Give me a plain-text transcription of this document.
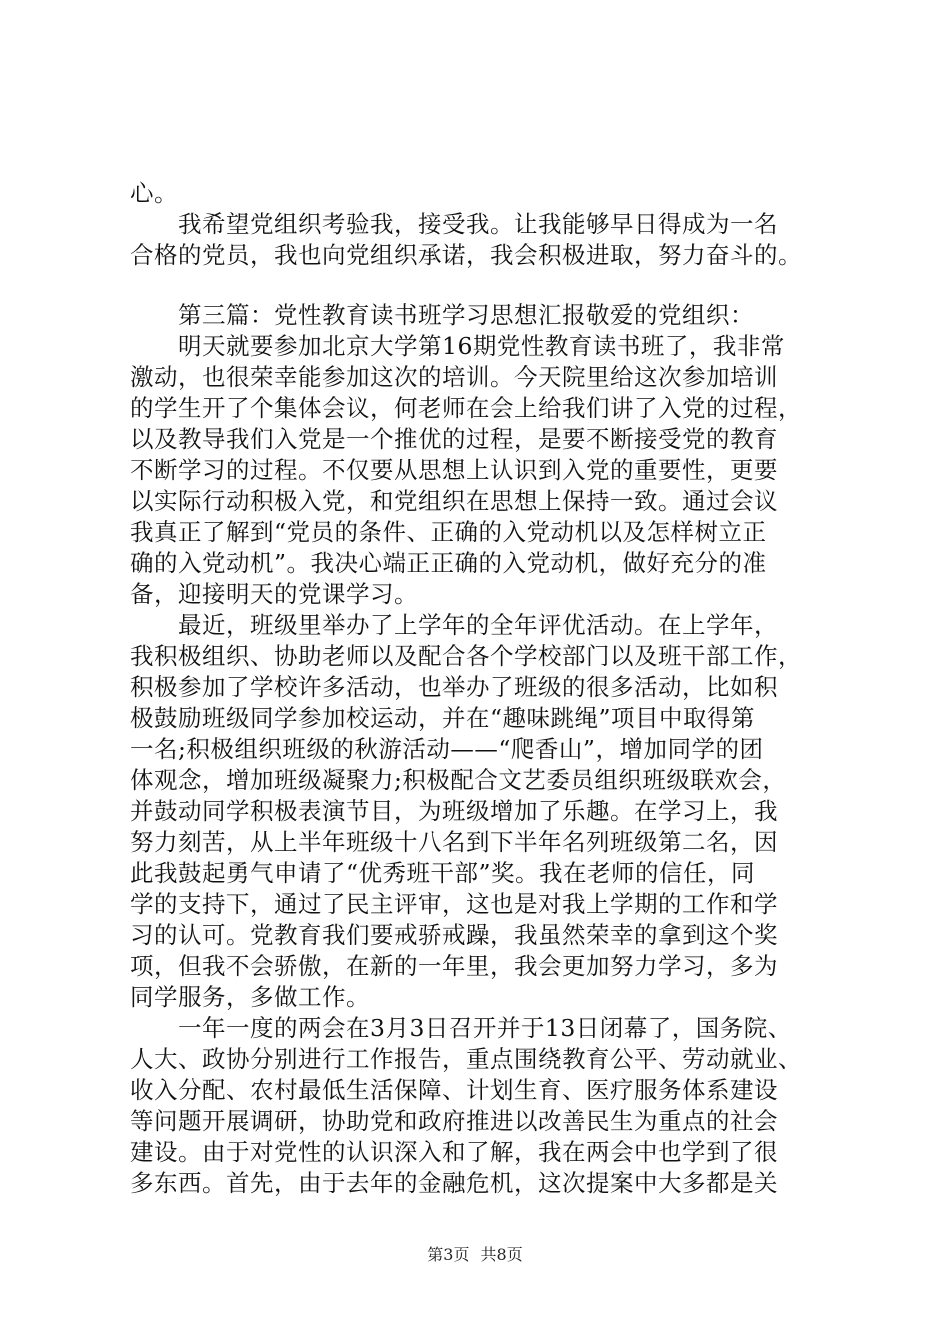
心。
我希望党组织考验我，接受我。让我能够早日得成为一名
合格的党员，我也向党组织承诺，我会积极进取，努力奋斗的。
第三篇：党性教育读书班学习思想汇报敬爱的党组织：
明天就要参加北京大学第16期党性教育读书班了，我非常
激动，也很荣幸能参加这次的培训。今天院里给这次参加培训
的学生开了个集体会议，何老师在会上给我们讲了入党的过程，
以及教导我们入党是一个推优的过程，是要不断接受党的教育
不断学习的过程。不仅要从思想上认识到入党的重要性，更要
以实际行动积极入党，和党组织在思想上保持一致。通过会议
我真正了解到“党员的条件、正确的入党动机以及怎样树立正
确的入党动机”。我决心端正正确的入党动机，做好充分的准
备，迎接明天的党课学习。
最近，班级里举办了上学年的全年评优活动。在上学年，
我积极组织、协助老师以及配合各个学校部门以及班干部工作，
积极参加了学校许多活动，也举办了班级的很多活动，比如积
极鼓励班级同学参加校运动，并在“趣味跳绳”项目中取得第
一名;积极组织班级的秋游活动——“爬香山”，增加同学的团
体观念，增加班级凝聚力;积极配合文艺委员组织班级联欢会，
并鼓动同学积极表演节目，为班级增加了乐趣。在学习上，我
努力刻苦，从上半年班级十八名到下半年名列班级第二名，因
此我鼓起勇气申请了“优秀班干部”奖。我在老师的信任，同
学的支持下，通过了民主评审，这也是对我上学期的工作和学
习的认可。党教育我们要戒骄戒躁，我虽然荣幸的拿到这个奖
项，但我不会骄傲，在新的一年里，我会更加努力学习，多为
同学服务，多做工作。
一年一度的两会在3月3日召开并于13日闭幕了，国务院、
人大、政协分别进行工作报告，重点围绕教育公平、劳动就业、
收入分配、农村最低生活保障、计划生育、医疗服务体系建设
等问题开展调研，协助党和政府推进以改善民生为重点的社会
建设。由于对党性的认识深入和了解，我在两会中也学到了很
多东西。首先，由于去年的金融危机，这次提案中大多都是关
第3页 共8页
